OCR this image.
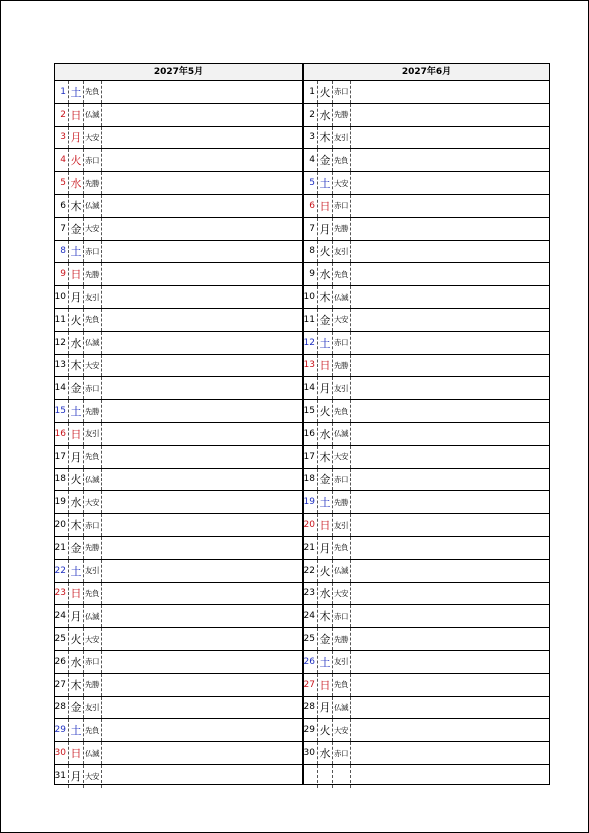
2027年5月
1 土 先負
2 日 仏滅
3 月 大安
4 火 赤口
5 水 先勝
6 木 仏滅
7 金 大安
8 土 赤口
9 日 先勝
10 月 友引
11 火 先負
12 水 仏滅
13 木 大安
14 金 赤口
15 土 先勝
16 日 友引
17 月 先負
18 火 仏滅
19 水 大安
20 木 赤口
21 金 先勝
22 土 友引
23 日 先負
24 月 仏滅
25 火 大安
26 水 赤口
27 木 先勝
28 金 友引
29 土 先負
30 日 仏滅
31 月 大安
2027年6月
1 火 赤口
2 水 先勝
3 木 友引
4 金 先負
5 土 大安
6 日 赤口
7 月 先勝
8 火 友引
9 水 先負
10 木 仏滅
11 金 大安
12 土 赤口
13 日 先勝
14 月 友引
15 火 先負
16 水 仏滅
17 木 大安
18 金 赤口
19 土 先勝
20 日 友引
21 月 先負
22 火 仏滅
23 水 大安
24 木 赤口
25 金 先勝
26 土 友引
27 日 先負
28 月 仏滅
29 火 大安
30 水 赤口
